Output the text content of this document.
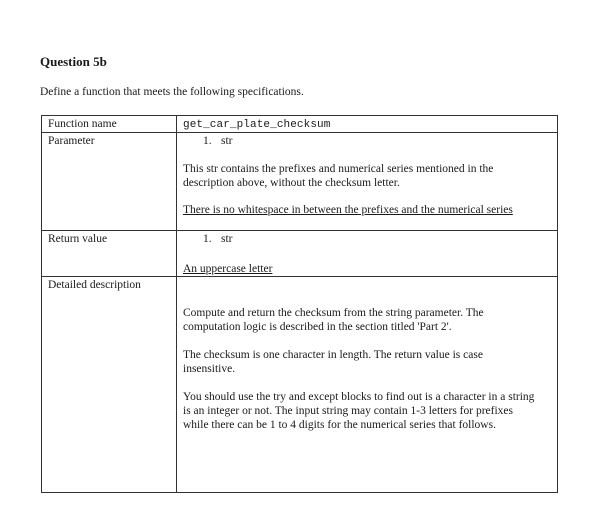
Question 5b
Define a function that meets the following specifications.
Function name	get_car_plate_checksum
Parameter	1. str

This str contains the prefixes and numerical series mentioned in the description above, without the checksum letter.

There is no whitespace in between the prefixes and the numerical series

Return value	1. str

An uppercase letter

Detailed description	Compute and return the checksum from the string parameter. The computation logic is described in the section titled 'Part 2'.

The checksum is one character in length. The return value is case insensitive.

You should use the try and except blocks to find out is a character in a string is an integer or not. The input string may contain 1-3 letters for prefixes while there can be 1 to 4 digits for the numerical series that follows.
